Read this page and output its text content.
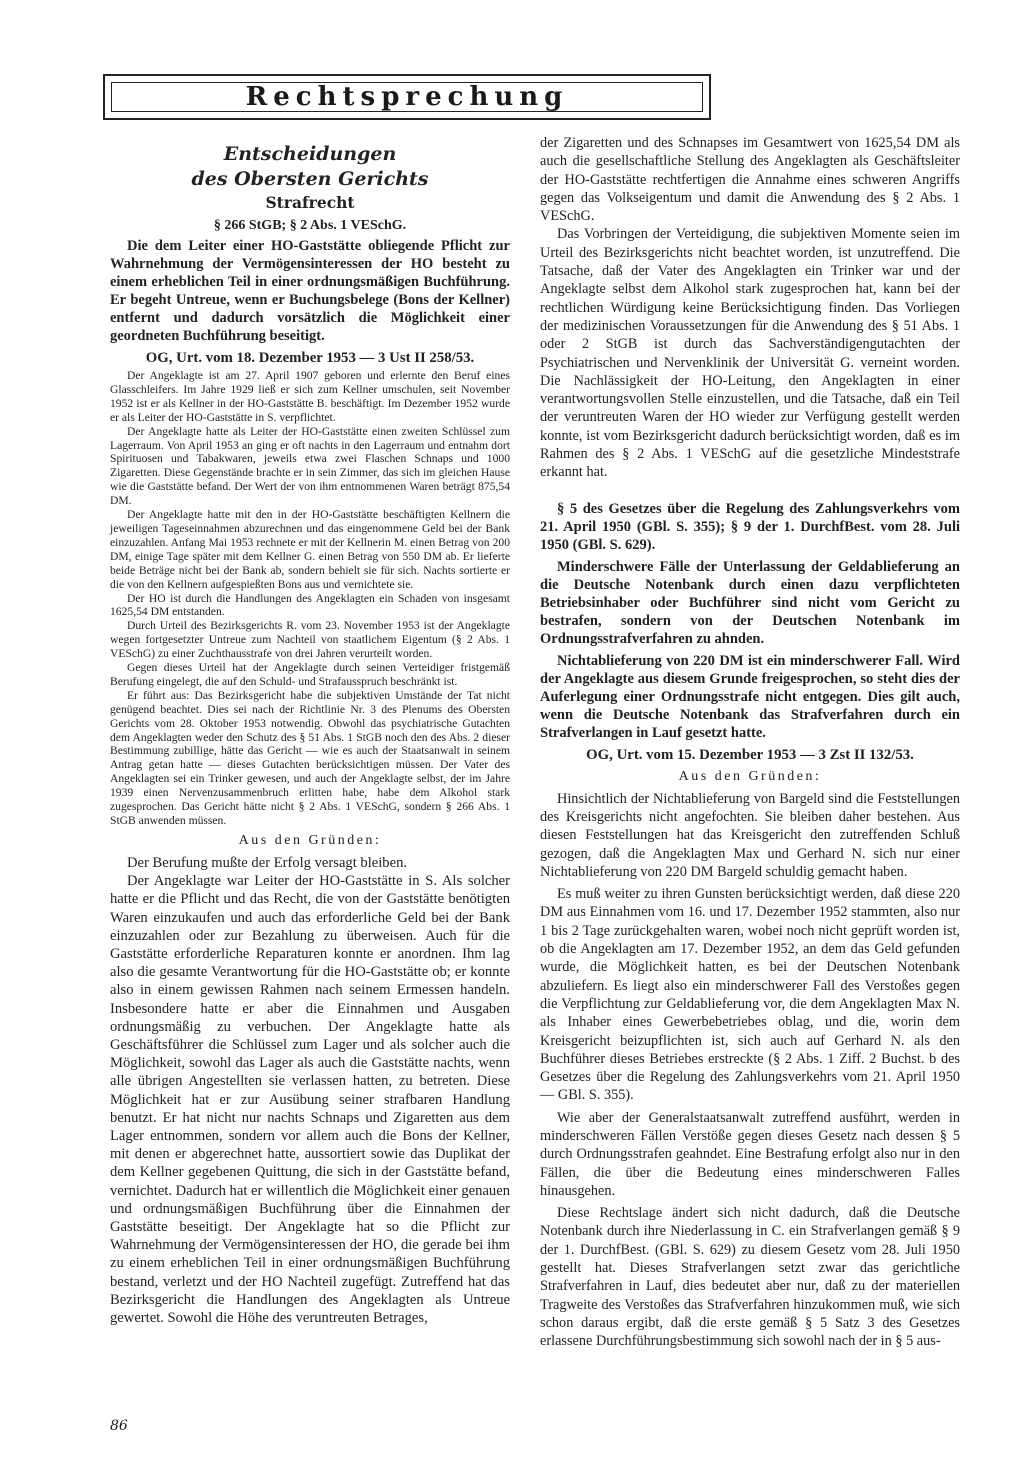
Rechtsprechung
Entscheidungen
des Obersten Gerichts
Strafrecht

§ 266 StGB; § 2 Abs. 1 VESchG.

Die dem Leiter einer HO-Gaststätte obliegende Pflicht zur Wahrnehmung der Vermögensinteressen der HO besteht zu einem erheblichen Teil in einer ordnungsmäßigen Buchführung. Er begeht Untreue, wenn er Buchungsbelege (Bons der Kellner) entfernt und dadurch vorsätzlich die Möglichkeit einer geordneten Buchführung beseitigt.

OG, Urt. vom 18. Dezember 1953 — 3 Ust II 258/53.

Der Angeklagte ist am 27. April 1907 geboren und erlernte den Beruf eines Glasschleifers. Im Jahre 1929 ließ er sich zum Kellner umschulen, seit November 1952 ist er als Kellner in der HO-Gaststätte B. beschäftigt. Im Dezember 1952 wurde er als Leiter der HO-Gaststätte in S. verpflichtet.

Der Angeklagte hatte als Leiter der HO-Gaststätte einen zweiten Schlüssel zum Lagerraum. Von April 1953 an ging er oft nachts in den Lagerraum und entnahm dort Spirituosen und Tabakwaren, jeweils etwa zwei Flaschen Schnaps und 1000 Zigaretten. Diese Gegenstände brachte er in sein Zimmer, das sich im gleichen Hause wie die Gaststätte befand. Der Wert der von ihm entnommenen Waren beträgt 875,54 DM.

Der Angeklagte hatte mit den in der HO-Gaststätte beschäftigten Kellnern die jeweiligen Tageseinnahmen abzurechnen und das eingenommene Geld bei der Bank einzuzahlen. Anfang Mai 1953 rechnete er mit der Kellnerin M. einen Betrag von 200 DM, einige Tage später mit dem Kellner G. einen Betrag von 550 DM ab. Er lieferte beide Beträge nicht bei der Bank ab, sondern behielt sie für sich. Nachts sortierte er die von den Kellnern aufgespießten Bons aus und vernichtete sie.

Der HO ist durch die Handlungen des Angeklagten ein Schaden von insgesamt 1625,54 DM entstanden.

Durch Urteil des Bezirksgerichts R. vom 23. November 1953 ist der Angeklagte wegen fortgesetzter Untreue zum Nachteil von staatlichem Eigentum (§ 2 Abs. 1 VESchG) zu einer Zuchthausstrafe von drei Jahren verurteilt worden.

Gegen dieses Urteil hat der Angeklagte durch seinen Verteidiger fristgemäß Berufung eingelegt, die auf den Schuld- und Strafausspruch beschränkt ist.

Er führt aus: Das Bezirksgericht habe die subjektiven Umstände der Tat nicht genügend beachtet. Dies sei nach der Richtlinie Nr. 3 des Plenums des Obersten Gerichts vom 28. Oktober 1953 notwendig. Obwohl das psychiatrische Gutachten dem Angeklagten weder den Schutz des § 51 Abs. 1 StGB noch den des Abs. 2 dieser Bestimmung zubillige, hätte das Gericht — wie es auch der Staatsanwalt in seinem Antrag getan hatte — dieses Gutachten berücksichtigen müssen. Der Vater des Angeklagten sei ein Trinker gewesen, und auch der Angeklagte selbst, der im Jahre 1939 einen Nervenzusammenbruch erlitten habe, habe dem Alkohol stark zugesprochen. Das Gericht hätte nicht § 2 Abs. 1 VESchG, sondern § 266 Abs. 1 StGB anwenden müssen.

Aus den Gründen:

Der Berufung mußte der Erfolg versagt bleiben.

Der Angeklagte war Leiter der HO-Gaststätte in S. Als solcher hatte er die Pflicht und das Recht, die von der Gaststätte benötigten Waren einzukaufen und auch das erforderliche Geld bei der Bank einzuzahlen oder zur Bezahlung zu überweisen. Auch für die Gaststätte erforderliche Reparaturen konnte er anordnen. Ihm lag also die gesamte Verantwortung für die HO-Gaststätte ob; er konnte also in einem gewissen Rahmen nach seinem Ermessen handeln. Insbesondere hatte er aber die Einnahmen und Ausgaben ordnungsmäßig zu verbuchen. Der Angeklagte hatte als Geschäftsführer die Schlüssel zum Lager und als solcher auch die Möglichkeit, sowohl das Lager als auch die Gaststätte nachts, wenn alle übrigen Angestellten sie verlassen hatten, zu betreten. Diese Möglichkeit hat er zur Ausübung seiner strafbaren Handlung benutzt. Er hat nicht nur nachts Schnaps und Zigaretten aus dem Lager entnommen, sondern vor allem auch die Bons der Kellner, mit denen er abgerechnet hatte, aussortiert sowie das Duplikat der dem Kellner gegebenen Quittung, die sich in der Gaststätte befand, vernichtet. Dadurch hat er willentlich die Möglichkeit einer genauen und ordnungsmäßigen Buchführung über die Einnahmen der Gaststätte beseitigt. Der Angeklagte hat so die Pflicht zur Wahrnehmung der Vermögensinteressen der HO, die gerade bei ihm zu einem erheblichen Teil in einer ordnungsmäßigen Buchführung bestand, verletzt und der HO Nachteil zugefügt. Zutreffend hat das Bezirksgericht die Handlungen des Angeklagten als Untreue gewertet. Sowohl die Höhe des veruntreuten Betrages,

der Zigaretten und des Schnapses im Gesamtwert von 1625,54 DM als auch die gesellschaftliche Stellung des Angeklagten als Geschäftsleiter der HO-Gaststätte rechtfertigen die Annahme eines schweren Angriffs gegen das Volkseigentum und damit die Anwendung des § 2 Abs. 1 VESchG.

Das Vorbringen der Verteidigung, die subjektiven Momente seien im Urteil des Bezirksgerichts nicht beachtet worden, ist unzutreffend. Die Tatsache, daß der Vater des Angeklagten ein Trinker war und der Angeklagte selbst dem Alkohol stark zugesprochen hat, kann bei der rechtlichen Würdigung keine Berücksichtigung finden. Das Vorliegen der medizinischen Voraussetzungen für die Anwendung des § 51 Abs. 1 oder 2 StGB ist durch das Sachverständigengutachten der Psychiatrischen und Nervenklinik der Universität G. verneint worden. Die Nachlässigkeit der HO-Leitung, den Angeklagten in einer verantwortungsvollen Stelle einzustellen, und die Tatsache, daß ein Teil der veruntreuten Waren der HO wieder zur Verfügung gestellt werden konnte, ist vom Bezirksgericht dadurch berücksichtigt worden, daß es im Rahmen des § 2 Abs. 1 VESchG auf die gesetzliche Mindeststrafe erkannt hat.

§ 5 des Gesetzes über die Regelung des Zahlungsverkehrs vom 21. April 1950 (GBl. S. 355); § 9 der 1. DurchfBest. vom 28. Juli 1950 (GBl. S. 629).

Minderschwere Fälle der Unterlassung der Geldablieferung an die Deutsche Notenbank durch einen dazu verpflichteten Betriebsinhaber oder Buchführer sind nicht vom Gericht zu bestrafen, sondern von der Deutschen Notenbank im Ordnungsstrafverfahren zu ahnden.

Nichtablieferung von 220 DM ist ein minderschwerer Fall. Wird der Angeklagte aus diesem Grunde freigesprochen, so steht dies der Auferlegung einer Ordnungsstrafe nicht entgegen. Dies gilt auch, wenn die Deutsche Notenbank das Strafverfahren durch ein Strafverlangen in Lauf gesetzt hatte.

OG, Urt. vom 15. Dezember 1953 — 3 Zst II 132/53.

Aus den Gründen:

Hinsichtlich der Nichtablieferung von Bargeld sind die Feststellungen des Kreisgerichts nicht angefochten. Sie bleiben daher bestehen. Aus diesen Feststellungen hat das Kreisgericht den zutreffenden Schluß gezogen, daß die Angeklagten Max und Gerhard N. sich nur einer Nichtablieferung von 220 DM Bargeld schuldig gemacht haben.

Es muß weiter zu ihren Gunsten berücksichtigt werden, daß diese 220 DM aus Einnahmen vom 16. und 17. Dezember 1952 stammten, also nur 1 bis 2 Tage zurückgehalten waren, wobei noch nicht geprüft worden ist, ob die Angeklagten am 17. Dezember 1952, an dem das Geld gefunden wurde, die Möglichkeit hatten, es bei der Deutschen Notenbank abzuliefern. Es liegt also ein minderschwerer Fall des Verstoßes gegen die Verpflichtung zur Geldablieferung vor, die dem Angeklagten Max N. als Inhaber eines Gewerbebetriebes oblag, und die, worin dem Kreisgericht beizupflichten ist, sich auch auf Gerhard N. als den Buchführer dieses Betriebes erstreckte (§ 2 Abs. 1 Ziff. 2 Buchst. b des Gesetzes über die Regelung des Zahlungsverkehrs vom 21. April 1950 — GBl. S. 355).

Wie aber der Generalstaatsanwalt zutreffend ausführt, werden in minderschweren Fällen Verstöße gegen dieses Gesetz nach dessen § 5 durch Ordnungsstrafen geahndet. Eine Bestrafung erfolgt also nur in den Fällen, die über die Bedeutung eines minderschweren Falles hinausgehen.

Diese Rechtslage ändert sich nicht dadurch, daß die Deutsche Notenbank durch ihre Niederlassung in C. ein Strafverlangen gemäß § 9 der 1. DurchfBest. (GBl. S. 629) zu diesem Gesetz vom 28. Juli 1950 gestellt hat. Dieses Strafverlangen setzt zwar das gerichtliche Strafverfahren in Lauf, dies bedeutet aber nur, daß zu der materiellen Tragweite des Verstoßes das Strafverfahren hinzukommen muß, wie sich schon daraus ergibt, daß die erste gemäß § 5 Satz 3 des Gesetzes erlassene Durchführungsbestimmung sich sowohl nach der in § 5 aus-

86
